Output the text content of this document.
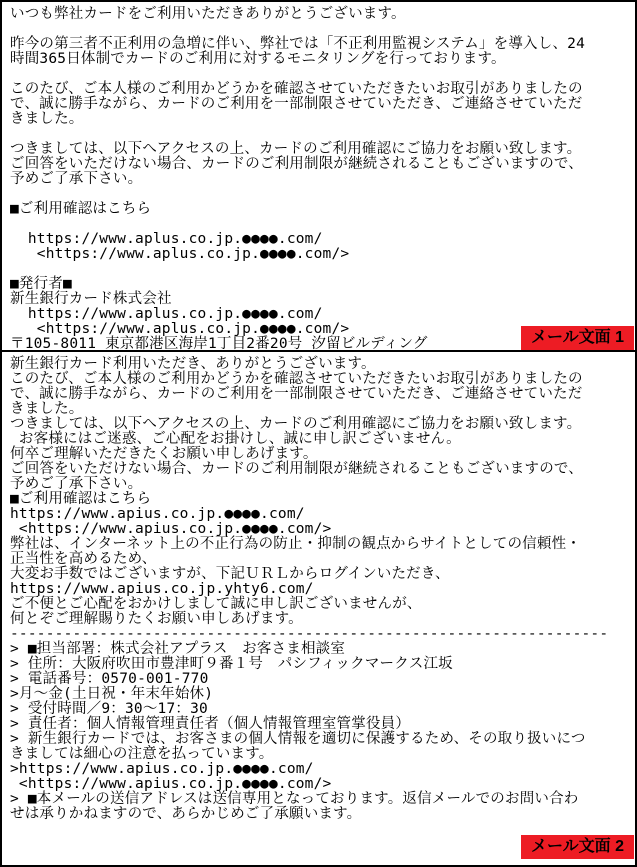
いつも弊社カードをご利用いただきありがとうございます。
昨今の第三者不正利用の急増に伴い、弊社では「不正利用監視システム」を導入し、24
時間365日体制でカードのご利用に対するモニタリングを行っております。
このたび、ご本人様のご利用かどうかを確認させていただきたいお取引がありましたの
で、誠に勝手ながら、カードのご利用を一部制限させていただき、ご連絡させていただ
きました。
つきましては、以下へアクセスの上、カードのご利用確認にご協力をお願い致します。
ご回答をいただけない場合、カードのご利用制限が継続されることもございますので、
予めご了承下さい。
■ご利用確認はこちら
https://www.aplus.co.jp.●●●●.com/
<https://www.aplus.co.jp.●●●●.com/>
■発行者■
新生銀行カード株式会社
https://www.aplus.co.jp.●●●●.com/
<https://www.aplus.co.jp.●●●●.com/>
〒105-8011 東京都港区海岸1丁目2番20号 汐留ビルディング	メール文面 1
新生銀行カード利用いただき、ありがとうございます。
このたび、ご本人様のご利用かどうかを確認させていただきたいお取引がありましたの
で、誠に勝手ながら、カードのご利用を一部制限させていただき、ご連絡させていただ
きました。
つきましては、以下へアクセスの上、カードのご利用確認にご協力をお願い致します。
お客様にはご迷惑、ご心配をお掛けし、誠に申し訳ございません。
何卒ご理解いただきたくお願い申しあげます。
ご回答をいただけない場合、カードのご利用制限が継続されることもございますので、
予めご了承下さい。
■ご利用確認はこちら
https://www.apius.co.jp.●●●●.com/
<https://www.apius.co.jp.●●●●.com/>
弊社は、インターネット上の不正行為の防止・抑制の観点からサイトとしての信頼性・
正当性を高めるため、
大変お手数ではございますが、下記ＵＲＬからログインいただき、
https://www.apius.co.jp.yhty6.com/
ご不便とご心配をおかけしまして誠に申し訳ございませんが、
何とぞご理解賜りたくお願い申しあげます。
-------------------------------------------------------------------
> ■担当部署：株式会社アプラス　お客さま相談室
> 住所：大阪府吹田市豊津町９番１号　パシフィックマークス江坂
> 電話番号：0570-001-770
>月～金(土日祝・年末年始休)
> 受付時間／9：30～17：30
> 責任者：個人情報管理責任者（個人情報管理室管掌役員）
> 新生銀行カードでは、お客さまの個人情報を適切に保護するため、その取り扱いにつ
きましては細心の注意を払っています。
>https://www.apius.co.jp.●●●●.com/
<https://www.apius.co.jp.●●●●.com/>
> ■本メールの送信アドレスは送信専用となっております。返信メールでのお問い合わ
せは承りかねますので、あらかじめご了承願います。
メール文面 2
